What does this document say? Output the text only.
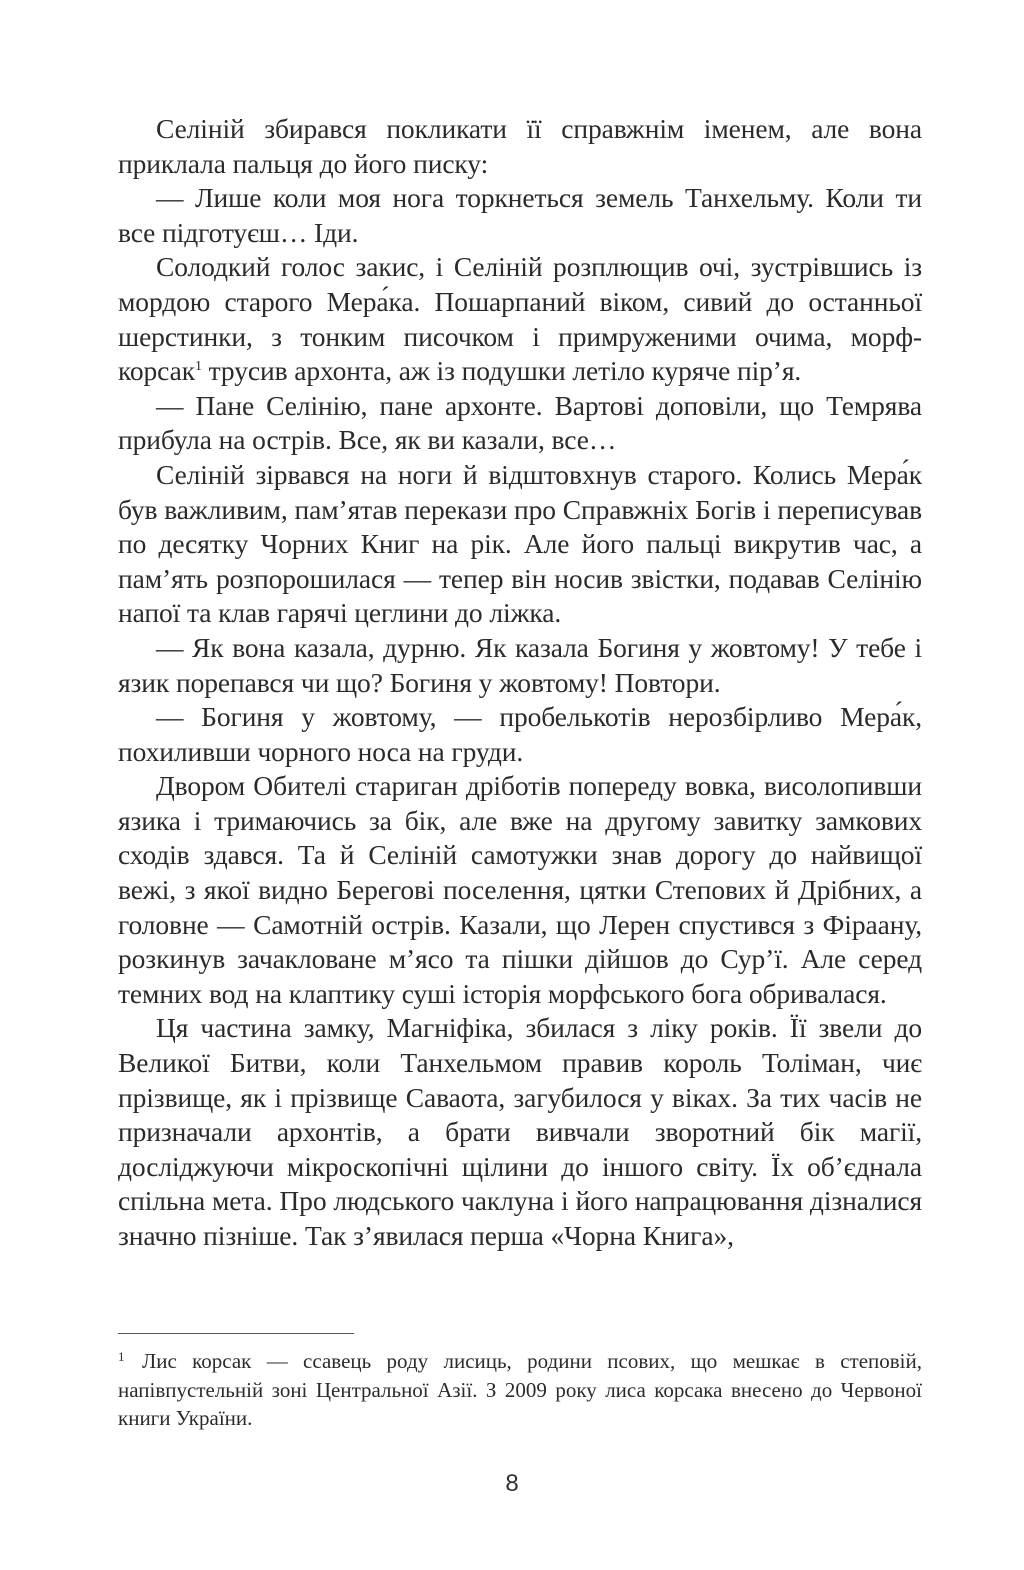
Селіній збирався покликати її справжнім іменем, але вона приклала пальця до його писку:

— Лише коли моя нога торкнеться земель Танхельму. Коли ти все підготуєш… Іди.

Солодкий голос закис, і Селіній розплющив очі, зустрівшись із мордою старого Мера́ка. Пошарпаний віком, сивий до останньої шерстинки, з тонким писочком і примруженими очима, морф-корсак$^1$ трусив архонта, аж із подушки летіло куряче пір’я.

— Пане Селінію, пане архонте. Вартові доповіли, що Темрява прибула на острів. Все, як ви казали, все…

Селіній зірвався на ноги й відштовхнув старого. Колись Мера́к був важливим, пам’ятав перекази про Справжніх Богів і переписував по десятку Чорних Книг на рік. Але його пальці викрутив час, а пам’ять розпорошилася — тепер він носив звістки, подавав Селінію напої та клав гарячі цеглини до ліжка.

— Як вона казала, дурню. Як казала Богиня у жовтому! У тебе і язик порепався чи що? Богиня у жовтому! Повтори.

— Богиня у жовтому, — пробелькотів нерозбірливо Мера́к, похиливши чорного носа на груди.

Двором Обителі стариган дріботів попереду вовка, висолопивши язика і тримаючись за бік, але вже на другому завитку замкових сходів здався. Та й Селіній самотужки знав дорогу до найвищої вежі, з якої видно Берегові поселення, цятки Степових й Дрібних, а головне — Самотній острів. Казали, що Лерен спустився з Фіраану, розкинув зачакловане м’ясо та пішки дійшов до Сур’ї. Але серед темних вод на клаптику суші історія морфського бога обривалася.

Ця частина замку, Магніфіка, збилася з ліку років. Її звели до Великої Битви, коли Танхельмом правив король Толіман, чиє прізвище, як і прізвище Саваота, загубилося у віках. За тих часів не призначали архонтів, а брати вивчали зворотний бік магії, досліджуючи мікроскопічні щілини до іншого світу. Їх об’єднала спільна мета. Про людського чаклуна і його напрацювання дізналися значно пізніше. Так з’явилася перша «Чорна Книга»,

1 Лис корсак — ссавець роду лисиць, родини псових, що мешкає в степовій, напівпустельній зоні Центральної Азії. З 2009 року лиса корсака внесено до Червоної книги України.
8
